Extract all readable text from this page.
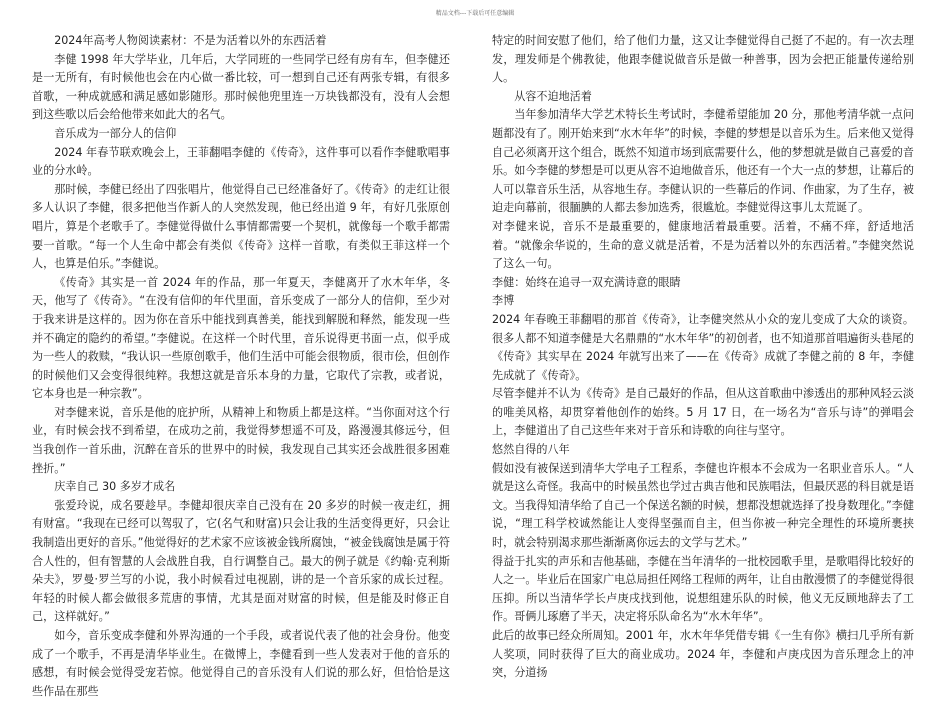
精品文档---下载后可任意编辑

2024年高考人物阅读素材：不是为活着以外的东西活着

李健 1998 年大学毕业，几年后，大学同班的一些同学已经有房有车，但李健还是一无所有，有时候他也会在内心做一番比较，可一想到自己还有两张专辑，有很多首歌，一种成就感和满足感如影随形。那时候他兜里连一万块钱都没有，没有人会想到这些歌以后会给他带来如此大的名气。

音乐成为一部分人的信仰

2024 年春节联欢晚会上，王菲翻唱李健的《传奇》，这件事可以看作李健歌唱事业的分水岭。

那时候，李健已经出了四张唱片，他觉得自己已经准备好了。《传奇》的走红让很多人认识了李健，很多把他当作新人的人突然发现，他已经出道 9 年，有好几张原创唱片，算是个老歌手了。李健觉得做什么事情都需要一个契机，就像每一个歌手都需要一首歌。“每一个人生命中都会有类似《传奇》这样一首歌，有类似王菲这样一个人，也算是伯乐。”李健说。

《传奇》其实是一首 2024 年的作品，那一年夏天，李健离开了水木年华，冬天，他写了《传奇》。“在没有信仰的年代里面，音乐变成了一部分人的信仰，至少对于我来讲是这样的。因为你在音乐中能找到真善美，能找到解脱和释然，能发现一些并不确定的隐约的希望。”李健说。在这样一个时代里，音乐说得更书面一点，似乎成为一些人的救赎，“我认识一些原创歌手，他们生活中可能会很物质，很市侩，但创作的时候他们又会变得很纯粹。我想这就是音乐本身的力量，它取代了宗教，或者说，它本身也是一种宗教”。

对李健来说，音乐是他的庇护所，从精神上和物质上都是这样。“当你面对这个行业，有时候会找不到希望，在成功之前，我觉得梦想遥不可及，路漫漫其修远兮，但当我创作一首乐曲，沉醉在音乐的世界中的时候，我发现自己其实还会战胜很多困难挫折。”

庆幸自己 30 多岁才成名

张爱玲说，成名要趁早。李健却很庆幸自己没有在 20 多岁的时候一夜走红，拥有财富。“我现在已经可以驾驭了，它(名气和财富)只会让我的生活变得更好，只会让我制造出更好的音乐。”他觉得好的艺术家不应该被金钱所腐蚀，“被金钱腐蚀是属于符合人性的，但有智慧的人会战胜自我，自行调整自己。最大的例子就是《约翰·克利斯朵夫》，罗曼·罗兰写的小说，我小时候看过电视剧，讲的是一个音乐家的成长过程。年轻的时候人都会做很多荒唐的事情，尤其是面对财富的时候，但是能及时修正自己，这样就好。”

如今，音乐变成李健和外界沟通的一个手段，或者说代表了他的社会身份。他变成了一个歌手，不再是清华毕业生。在微博上，李健看到一些人发表对于他的音乐的感想，有时候会觉得受宠若惊。他觉得自己的音乐没有人们说的那么好，但恰恰是这些作品在那些

特定的时间安慰了他们，给了他们力量，这又让李健觉得自己挺了不起的。有一次去理发，理发师是个佛教徒，他跟李健说做音乐是做一种善事，因为会把正能量传递给别人。

从容不迫地活着

当年参加清华大学艺术特长生考试时，李健希望能加 20 分，那他考清华就一点问题都没有了。刚开始来到“水木年华”的时候，李健的梦想是以音乐为生。后来他又觉得自己必须离开这个组合，既然不知道市场到底需要什么，他的梦想就是做自己喜爱的音乐。如今李健的梦想是可以更从容不迫地做音乐，他还有一个大一点的梦想，让幕后的人可以靠音乐生活，从容地生存。李健认识的一些幕后的作词、作曲家，为了生存，被迫走向幕前，很腼腆的人都去参加选秀，很尴尬。李健觉得这事儿太荒诞了。

对李健来说，音乐不是最重要的，健康地活着最重要。活着，不痛不痒，舒适地活着。“就像余华说的，生命的意义就是活着，不是为活着以外的东西活着。”李健突然说了这么一句。

李健：始终在追寻一双充满诗意的眼睛

李博

2024 年春晚王菲翻唱的那首《传奇》，让李健突然从小众的宠儿变成了大众的谈资。很多人都不知道李健是大名鼎鼎的“水木年华”的初创者，也不知道那首唱遍街头巷尾的《传奇》其实早在 2024 年就写出来了——在《传奇》成就了李健之前的 8 年，李健先成就了《传奇》。

尽管李健并不认为《传奇》是自己最好的作品，但从这首歌曲中渗透出的那种风轻云淡的唯美风格，却贯穿着他创作的始终。5 月 17 日，在一场名为“音乐与诗”的弹唱会上，李健道出了自己这些年来对于音乐和诗歌的向往与坚守。

悠然自得的八年

假如没有被保送到清华大学电子工程系，李健也许根本不会成为一名职业音乐人。“人就是这么奇怪。我高中的时候虽然也学过古典吉他和民族唱法，但最厌恶的科目就是语文。当我得知清华给了自己一个保送名额的时候，想都没想就选择了投身数理化。”李健说，“理工科学校诚然能让人变得坚强而自主，但当你被一种完全理性的环境所裹挟时，就会特别渴求那些渐渐离你远去的文学与艺术。”

得益于扎实的声乐和吉他基础，李健在当年清华的一批校园歌手里，是歌唱得比较好的人之一。毕业后在国家广电总局担任网络工程师的两年，让自由散漫惯了的李健觉得很压抑。所以当清华学长卢庚戌找到他，说想组建乐队的时候，他义无反顾地辞去了工作。哥俩儿琢磨了半天，决定将乐队命名为“水木年华”。

此后的故事已经众所周知。2001 年，水木年华凭借专辑《一生有你》横扫几乎所有新人奖项，同时获得了巨大的商业成功。2024 年，李健和卢庚戌因为音乐理念上的冲突，分道扬
